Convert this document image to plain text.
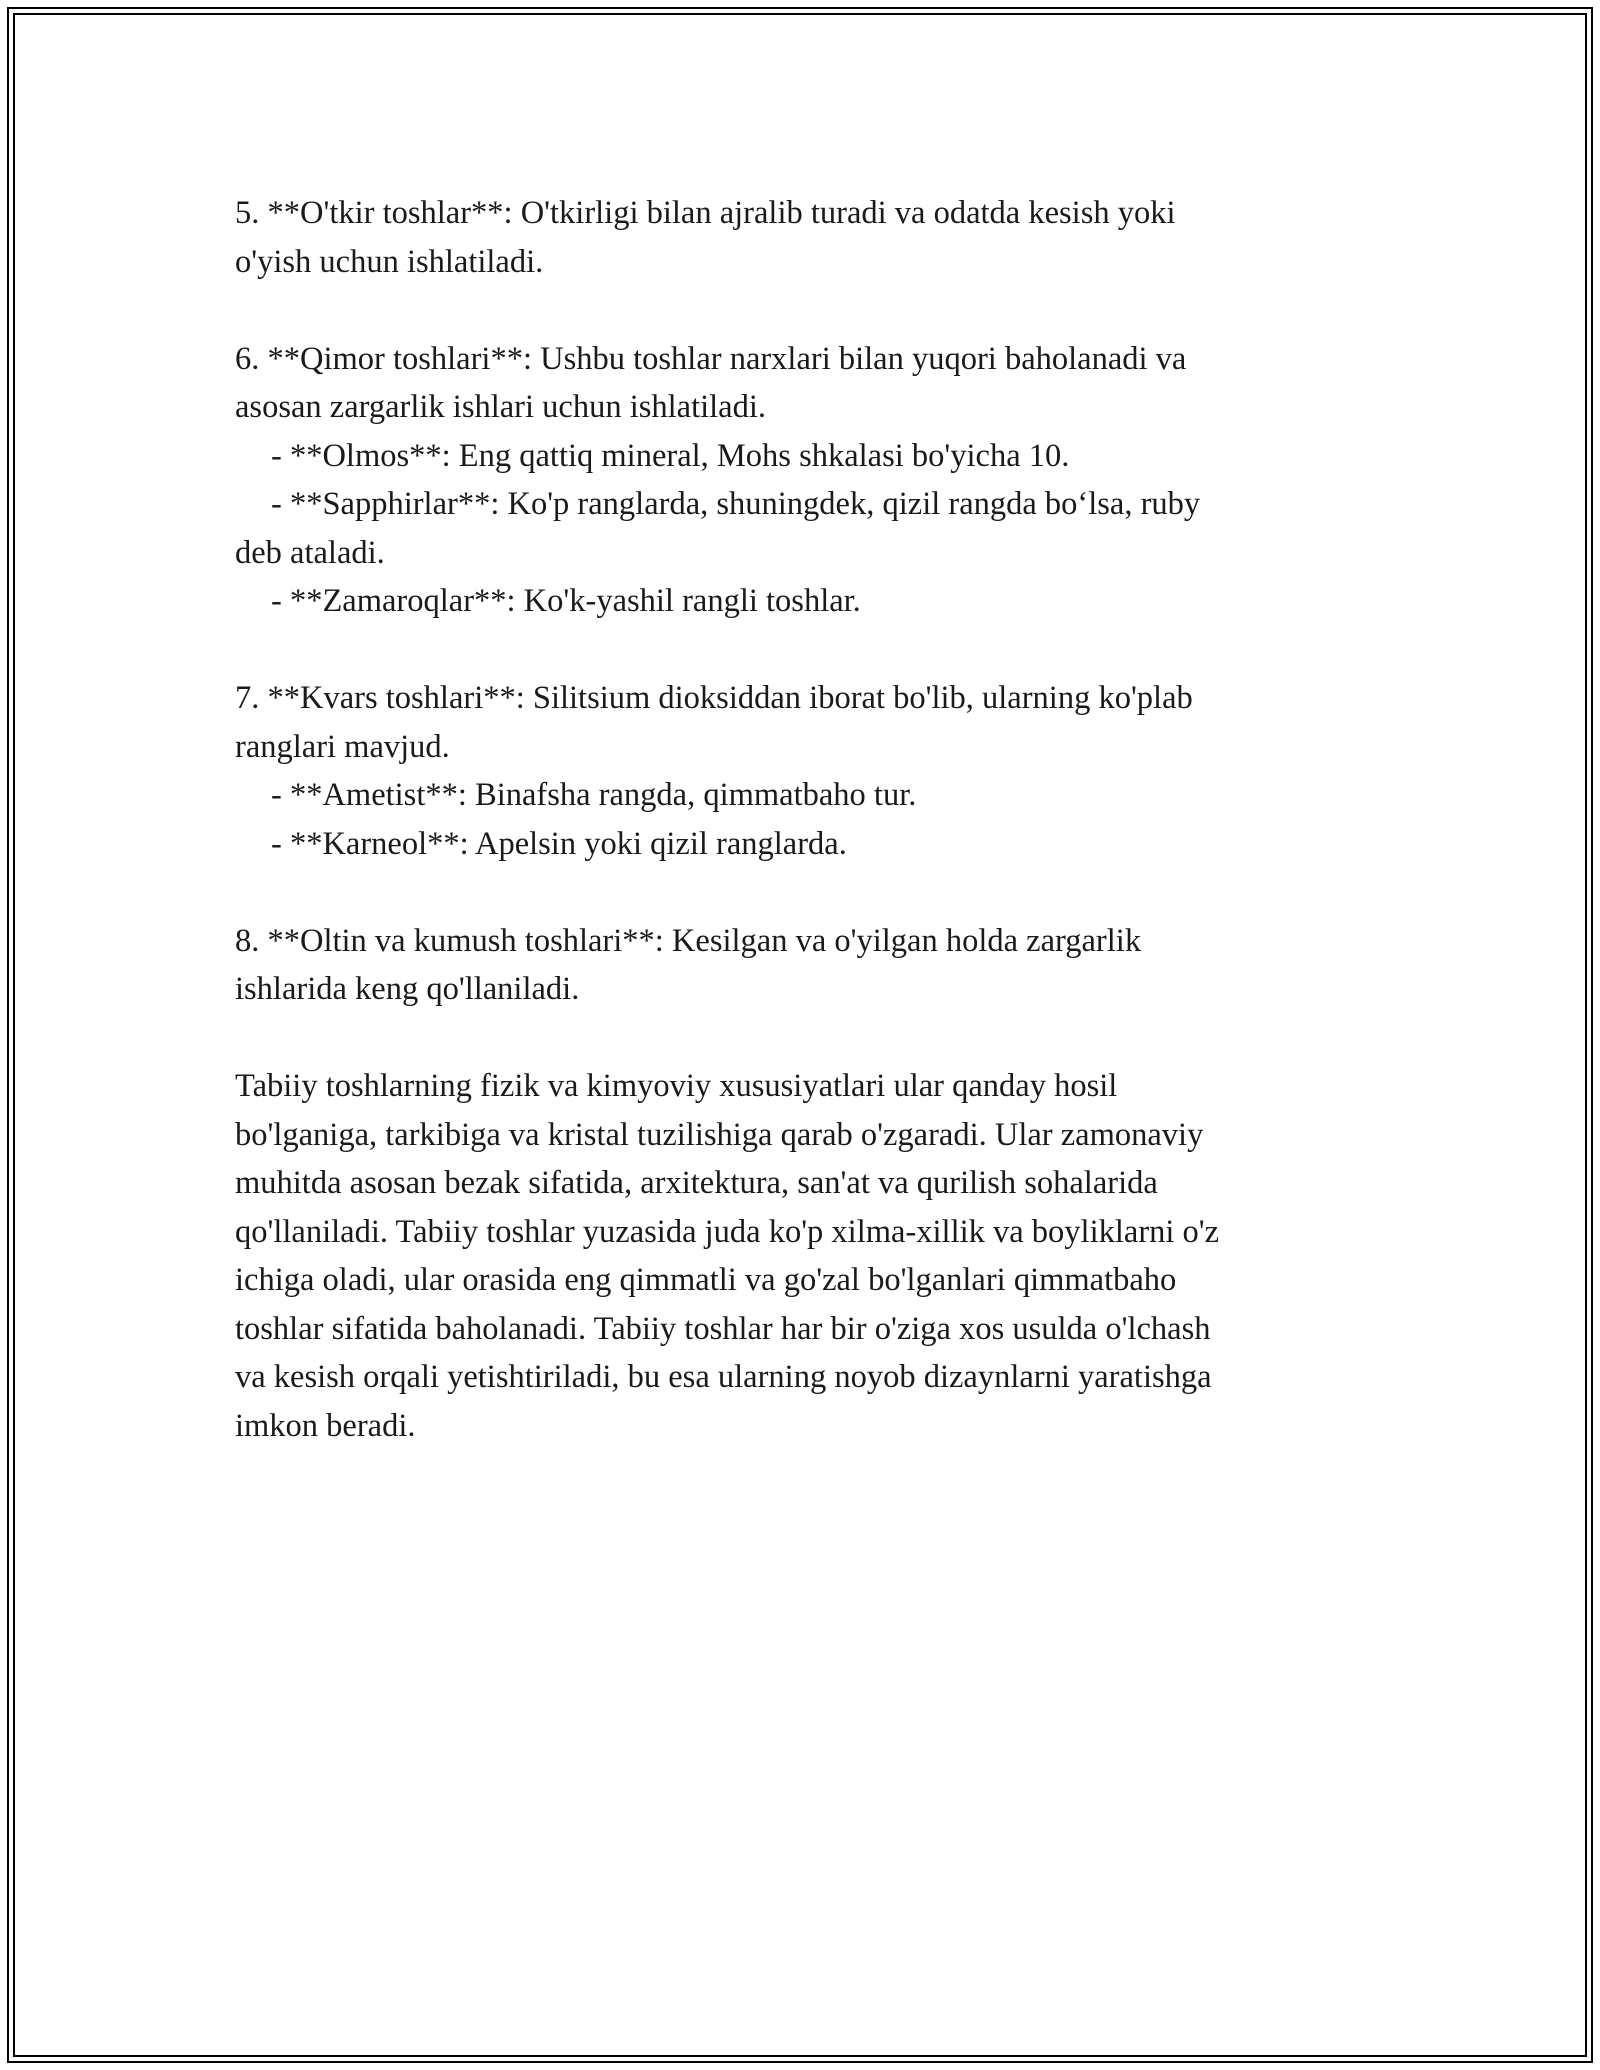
5. **O'tkir toshlar**: O'tkirligi bilan ajralib turadi va odatda kesish yoki
o'yish uchun ishlatiladi.
6. **Qimor toshlari**: Ushbu toshlar narxlari bilan yuqori baholanadi va
asosan zargarlik ishlari uchun ishlatiladi.
- **Olmos**: Eng qattiq mineral, Mohs shkalasi bo'yicha 10.
- **Sapphirlar**: Ko'p ranglarda, shuningdek, qizil rangda bo‘lsa, ruby
deb ataladi.
- **Zamaroqlar**: Ko'k-yashil rangli toshlar.
7. **Kvars toshlari**: Silitsium dioksiddan iborat bo'lib, ularning ko'plab
ranglari mavjud.
- **Ametist**: Binafsha rangda, qimmatbaho tur.
- **Karneol**: Apelsin yoki qizil ranglarda.
8. **Oltin va kumush toshlari**: Kesilgan va o'yilgan holda zargarlik
ishlarida keng qo'llaniladi.
Tabiiy toshlarning fizik va kimyoviy xususiyatlari ular qanday hosil
bo'lganiga, tarkibiga va kristal tuzilishiga qarab o'zgaradi. Ular zamonaviy
muhitda asosan bezak sifatida, arxitektura, san'at va qurilish sohalarida
qo'llaniladi. Tabiiy toshlar yuzasida juda ko'p xilma-xillik va boyliklarni o'z
ichiga oladi, ular orasida eng qimmatli va go'zal bo'lganlari qimmatbaho
toshlar sifatida baholanadi. Tabiiy toshlar har bir o'ziga xos usulda o'lchash
va kesish orqali yetishtiriladi, bu esa ularning noyob dizaynlarni yaratishga
imkon beradi.
